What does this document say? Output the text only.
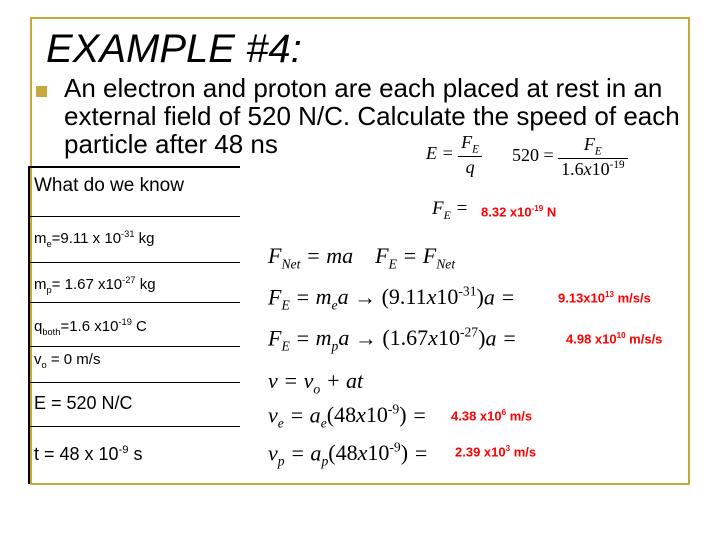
EXAMPLE #4:
An electron and proton are each placed at rest in an external field of 520 N/C. Calculate the speed of each particle after 48 ns
What do we know
$m_e=9.11$ x $10^{-31}$ kg
$m_p= 1.67$ $x10^{-27}$ kg
$q_{both}=1.6$ $x10^{-19}$ C
$v_o = 0$ m/s
E = 520 N/C
t = 48 x $10^{-9}$ s
$E = \frac{F_E}{q} 520 = \frac{F_E}{1.6x10^{-19}}$
$F_E = 8.32$ $x10^{-19}$ N
$F_{Net}$ = ma    $F_E = F_{Net}$
$F_E = m_ea \to (9.11x10^{-31})a$ =	$9.13x10^{13}$ m/s/s
$F_E = m_pa \to (1.67x10^{-27})a$ =	4.98 $x10^{10}$ m/s/s
$v = v_o$ + at
$v_e = a_e(48x10^{-9}) = 4.38$ $x10^6$ m/s
$v_p = a_p(48x10^{-9}) = 2.39$ $x10^3$ m/s
